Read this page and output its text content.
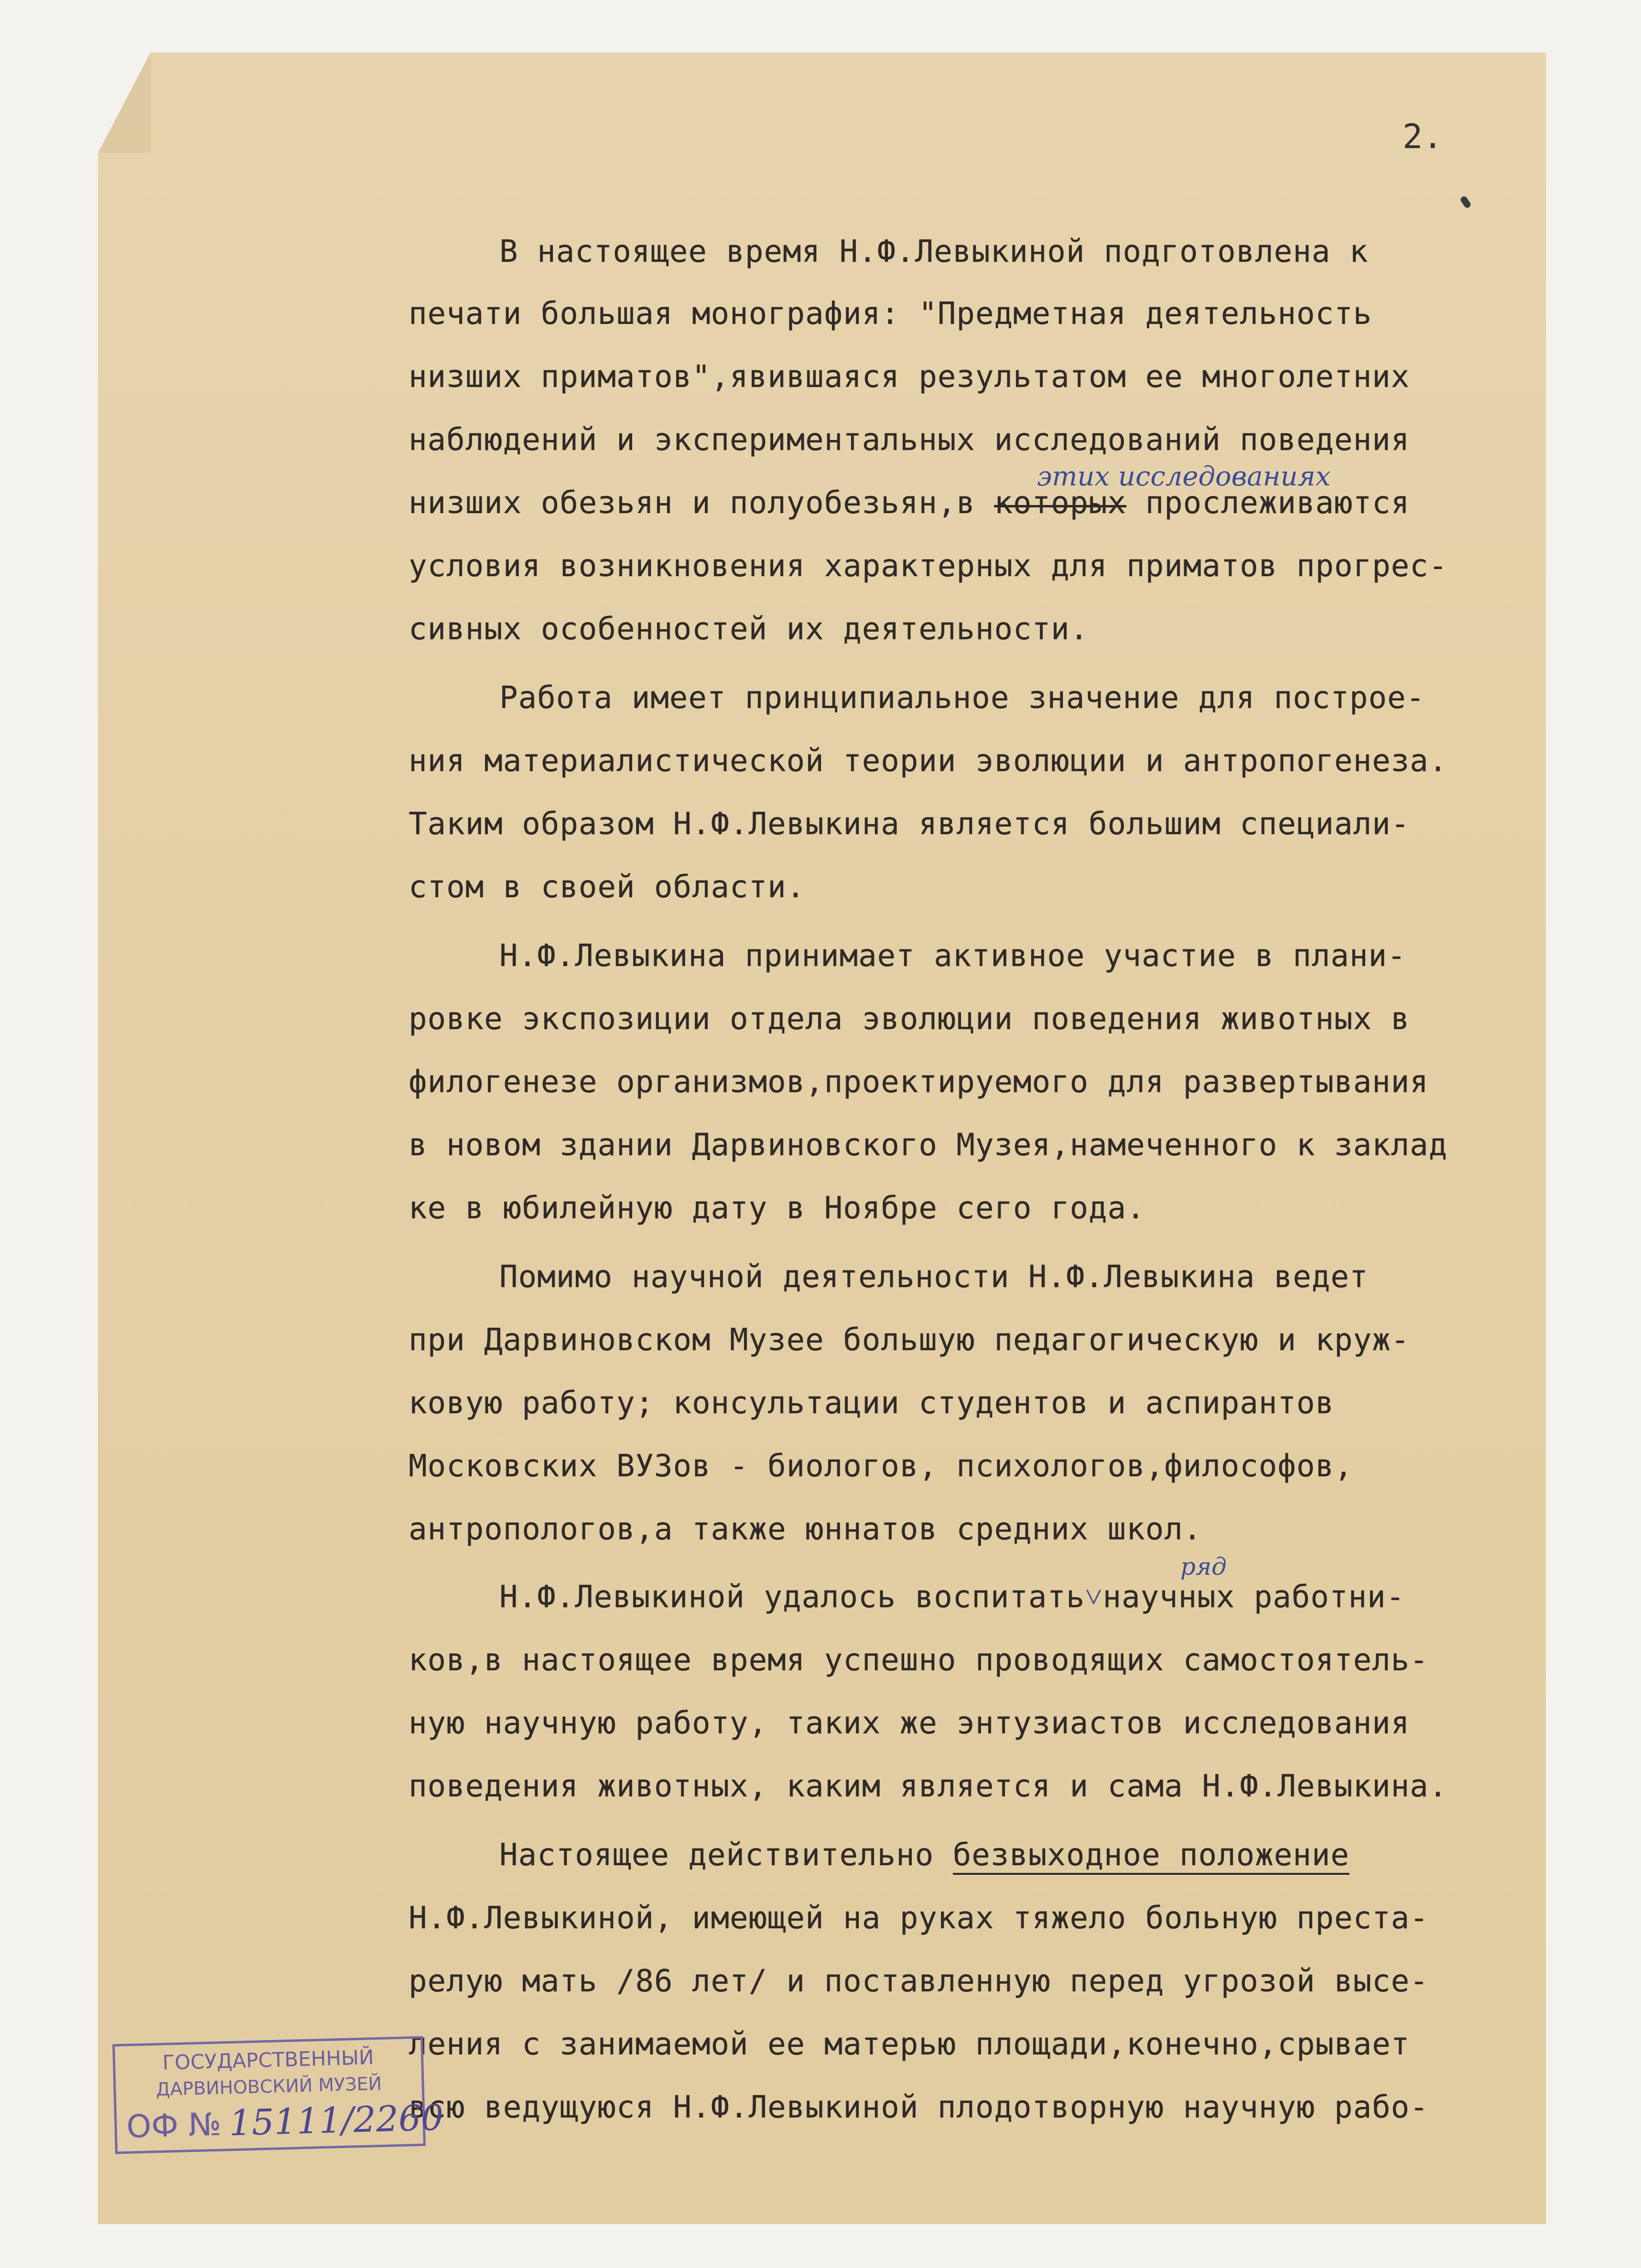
2.
В настоящее время Н.Ф.Левыкиной подготовлена к
печати большая монография: "Предметная деятельность
низших приматов",явившаяся результатом ее многолетних
наблюдений и экспериментальных исследований поведения
низших обезьян и полуобезьян,в которых прослеживаются
условия возникновения характерных для приматов прогрес-
сивных особенностей их деятельности.
Работа имеет принципиальное значение для построе-
ния материалистической теории эволюции и антропогенеза.
Таким образом Н.Ф.Левыкина является большим специали-
стом в своей области.
Н.Ф.Левыкина принимает активное участие в плани-
ровке экспозиции отдела эволюции поведения животных в
филогенезе организмов,проектируемого для развертывания
в новом здании Дарвиновского Музея,намеченного к заклад
ке в юбилейную дату в Ноябре сего года.
Помимо научной деятельности Н.Ф.Левыкина ведет
при Дарвиновском Музее большую педагогическую и круж-
ковую работу; консультации студентов и аспирантов
Московских ВУЗов - биологов, психологов,философов,
антропологов,а также юннатов средних школ.
Н.Ф.Левыкиной удалось воспитать˅научных работни-
ков,в настоящее время успешно проводящих самостоятель-
ную научную работу, таких же энтузиастов исследования
поведения животных, каким является и сама Н.Ф.Левыкина.
Настоящее действительно безвыходное положение
Н.Ф.Левыкиной, имеющей на руках тяжело больную преста-
релую мать /86 лет/ и поставленную перед угрозой высе-
ления с занимаемой ее матерью площади,конечно,срывает
всю ведущуюся Н.Ф.Левыкиной плодотворную научную рабо-
этих исследованиях
ряд
ГОСУДАРСТВЕННЫЙ
ДАРВИНОВСКИЙ МУЗЕЙ
ОФ № 15111/2260
